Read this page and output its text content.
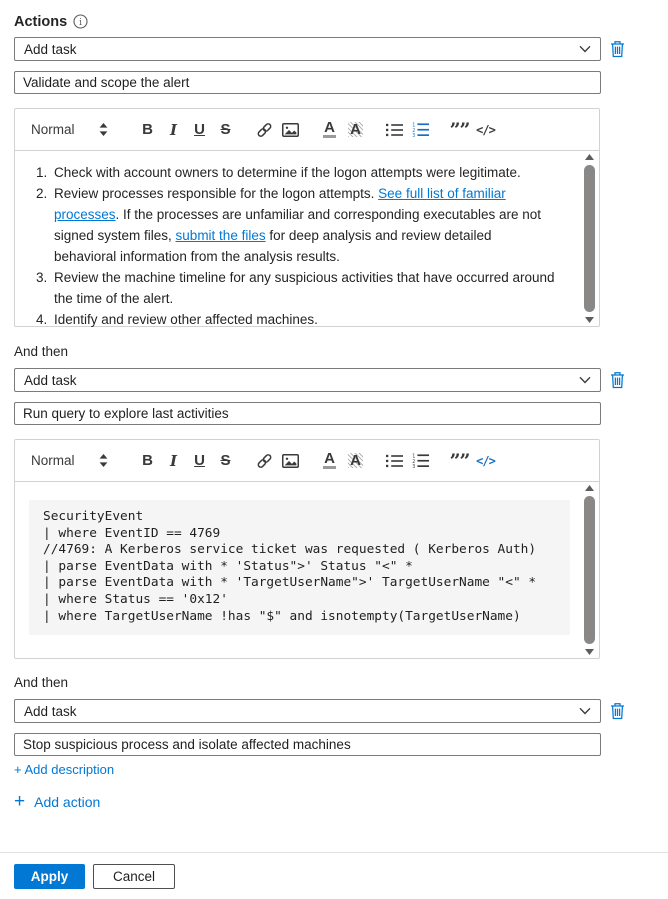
Actions i
Add task
Validate and scope the alert
Normal	B I U S	A A	1
2
3 ”” </>
1. Check with account owners to determine if the logon attempts were legitimate.
2. Review processes responsible for the logon attempts. See full list of familiar processes. If the processes are unfamiliar and corresponding executables are not signed system files, submit the files for deep analysis and review detailed behavioral information from the analysis results.
3. Review the machine timeline for any suspicious activities that have occurred around the time of the alert.
4. Identify and review other affected machines.
And then
Add task
Run query to explore last activities
Normal	B I U S	A A	1
2
3 ”” </>
SecurityEvent
| where EventID == 4769
//4769: A Kerberos service ticket was requested ( Kerberos Auth)
| parse EventData with * 'Status">' Status "<" *
| parse EventData with * 'TargetUserName">' TargetUserName "<" *
| where Status == '0x12'
| where TargetUserName !has "$" and isnotempty(TargetUserName)
And then
Add task
Stop suspicious process and isolate affected machines
+ Add description
+ Add action
Apply	Cancel
